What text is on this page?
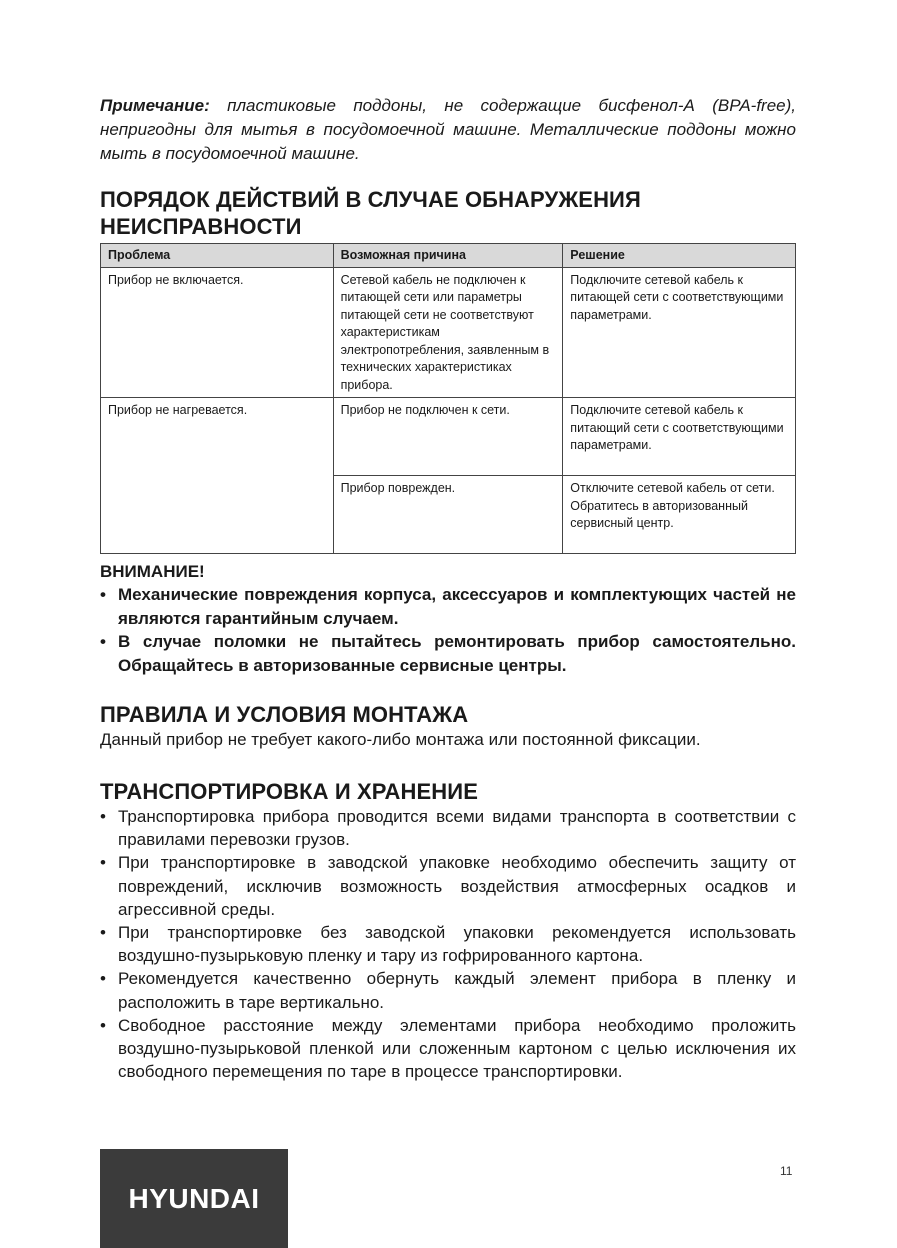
Примечание: пластиковые поддоны, не содержащие бисфенол-А (BPA-free), непригодны для мытья в посудомоечной машине. Металлические поддоны можно мыть в посудомоечной машине.

ПОРЯДОК ДЕЙСТВИЙ В СЛУЧАЕ ОБНАРУЖЕНИЯ НЕИСПРАВНОСТИ
Проблема	Возможная причина	Решение
Прибор не включается.	Сетевой кабель не подключен к питающей сети или параметры питающей сети не соответствуют характеристикам электропотребления, заявленным в технических характеристиках прибора.	Подключите сетевой кабель к питающей сети с соответствующими параметрами.
Прибор не нагревается.	Прибор не подключен к сети.	Подключите сетевой кабель к питающий сети с соответствующими параметрами.
	Прибор поврежден.	Отключите сетевой кабель от сети. Обратитесь в авторизованный сервисный центр.
ВНИМАНИЕ!
• Механические повреждения корпуса, аксессуаров и комплектующих частей не являются гарантийным случаем.
• В случае поломки не пытайтесь ремонтировать прибор самостоятельно. Обращайтесь в авторизованные сервисные центры.
ПРАВИЛА И УСЛОВИЯ МОНТАЖА

Данный прибор не требует какого-либо монтажа или постоянной фиксации.

ТРАНСПОРТИРОВКА И ХРАНЕНИЕ
• Транспортировка прибора проводится всеми видами транспорта в соответствии с правилами перевозки грузов.
• При транспортировке в заводской упаковке необходимо обеспечить защиту от повреждений, исключив возможность воздействия атмосферных осадков и агрессивной среды.
• При транспортировке без заводской упаковки рекомендуется использовать воздушно-пузырьковую пленку и тару из гофрированного картона.
• Рекомендуется качественно обернуть каждый элемент прибора в пленку и расположить в таре вертикально.
• Свободное расстояние между элементами прибора необходимо проложить воздушно-пузырьковой пленкой или сложенным картоном с целью исключения их свободного перемещения по таре в процессе транспортировки.
HYUNDAI
11
